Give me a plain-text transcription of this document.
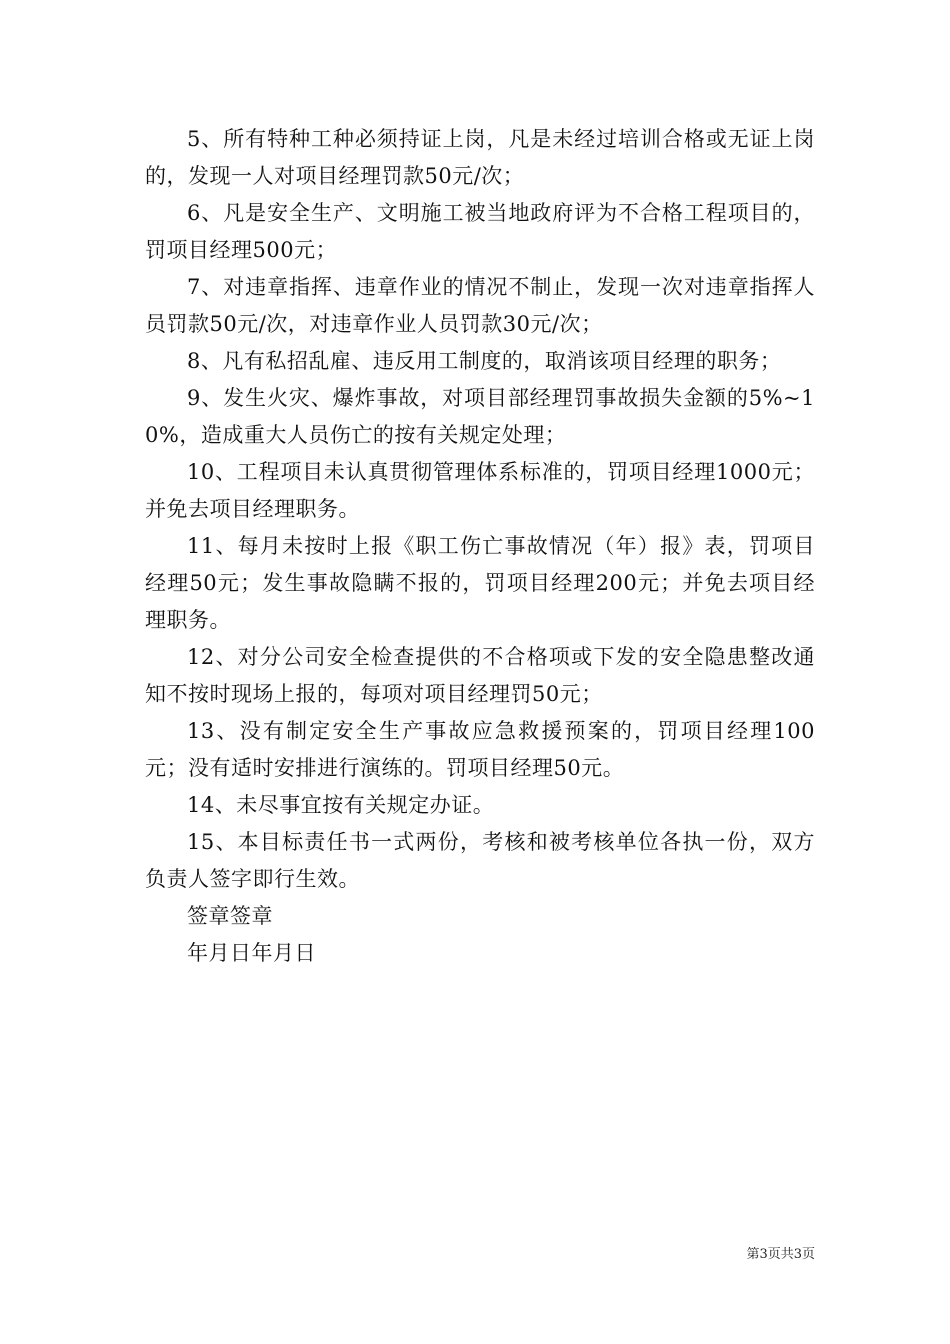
5、所有特种工种必须持证上岗，凡是未经过培训合格或无证上岗的，发现一人对项目经理罚款50元/次；

6、凡是安全生产、文明施工被当地政府评为不合格工程项目的，罚项目经理500元；

7、对违章指挥、违章作业的情况不制止，发现一次对违章指挥人员罚款50元/次，对违章作业人员罚款30元/次；

8、凡有私招乱雇、违反用工制度的，取消该项目经理的职务；

9、发生火灾、爆炸事故，对项目部经理罚事故损失金额的5%~10%，造成重大人员伤亡的按有关规定处理；

10、工程项目未认真贯彻管理体系标准的，罚项目经理1000元；并免去项目经理职务。

11、每月未按时上报《职工伤亡事故情况（年）报》表，罚项目经理50元；发生事故隐瞒不报的，罚项目经理200元；并免去项目经理职务。

12、对分公司安全检查提供的不合格项或下发的安全隐患整改通知不按时现场上报的，每项对项目经理罚50元；

13、没有制定安全生产事故应急救援预案的，罚项目经理100元；没有适时安排进行演练的。罚项目经理50元。

14、未尽事宜按有关规定办证。

15、本目标责任书一式两份，考核和被考核单位各执一份，双方负责人签字即行生效。

签章签章

年月日年月日

第3页共3页
